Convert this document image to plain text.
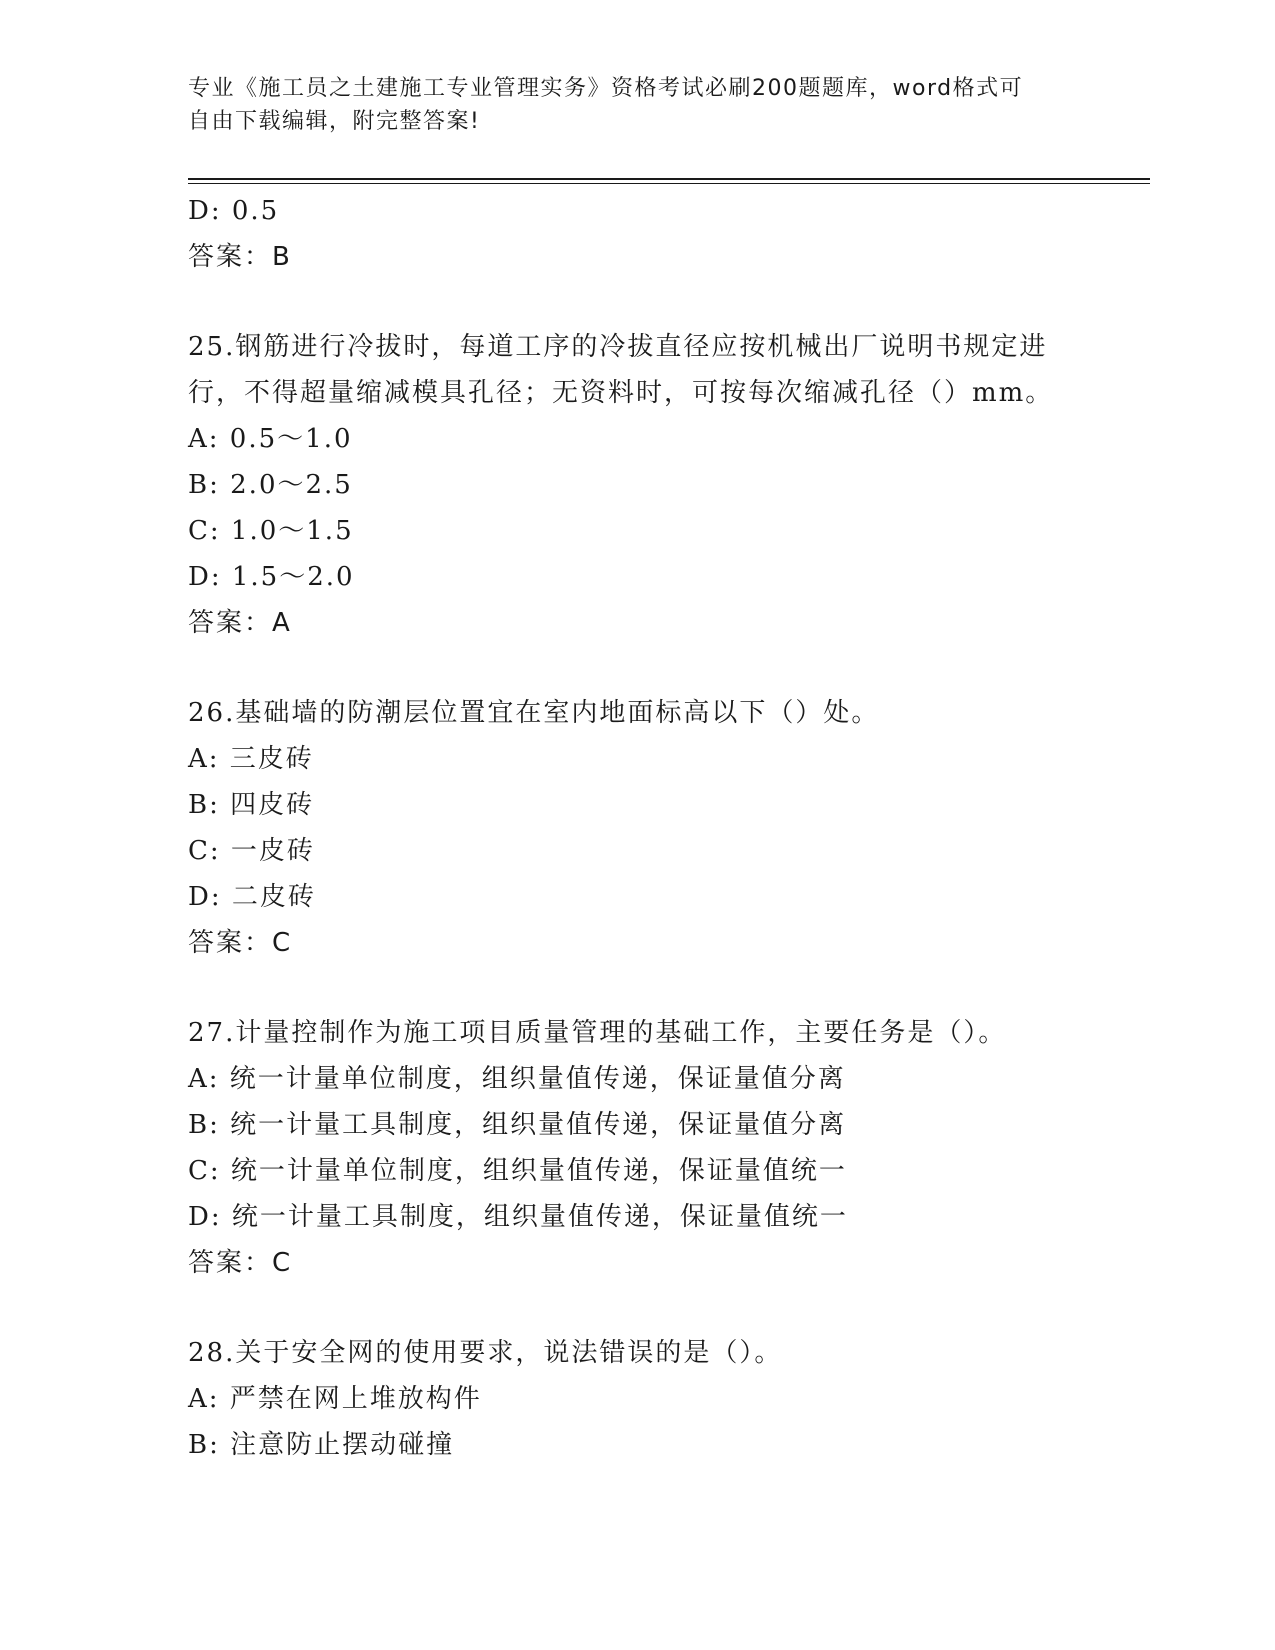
专业《施工员之土建施工专业管理实务》资格考试必刷200题题库，word格式可
自由下载编辑，附完整答案!
D: 0.5
答案：B
25.钢筋进行冷拔时，每道工序的冷拔直径应按机械出厂说明书规定进
行，不得超量缩减模具孔径；无资料时，可按每次缩减孔径（）mm。
A: 0.5～1.0
B: 2.0～2.5
C: 1.0～1.5
D: 1.5～2.0
答案：A
26.基础墙的防潮层位置宜在室内地面标高以下（）处。
A: 三皮砖
B: 四皮砖
C: 一皮砖
D: 二皮砖
答案：C
27.计量控制作为施工项目质量管理的基础工作，主要任务是（）。
A: 统一计量单位制度，组织量值传递，保证量值分离
B: 统一计量工具制度，组织量值传递，保证量值分离
C: 统一计量单位制度，组织量值传递，保证量值统一
D: 统一计量工具制度，组织量值传递，保证量值统一
答案：C
28.关于安全网的使用要求，说法错误的是（）。
A: 严禁在网上堆放构件
B: 注意防止摆动碰撞
